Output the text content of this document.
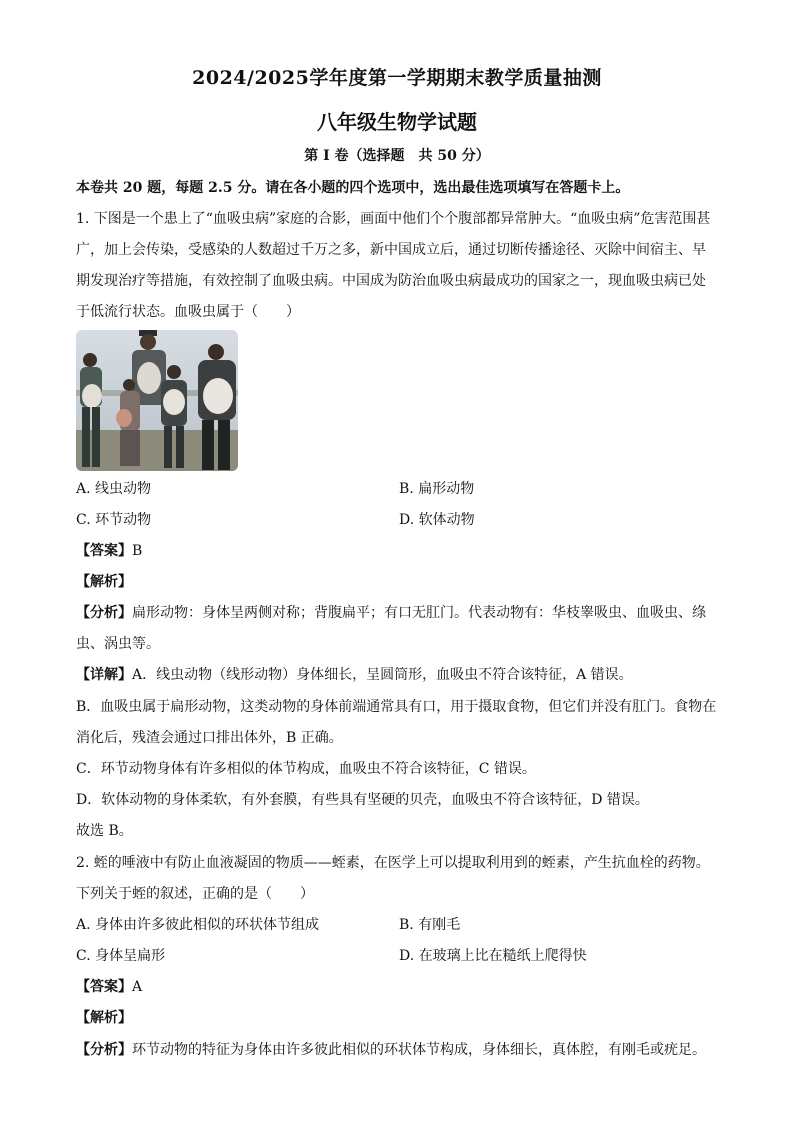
2024/2025学年度第一学期期末教学质量抽测
八年级生物学试题
第 I 卷（选择题　共 50 分）
本卷共 20 题，每题 2.5 分。请在各小题的四个选项中，选出最佳选项填写在答题卡上。
1. 下图是一个患上了“血吸虫病”家庭的合影，画面中他们个个腹部都异常肿大。“血吸虫病”危害范围甚
广，加上会传染，受感染的人数超过千万之多，新中国成立后，通过切断传播途径、灭除中间宿主、早
期发现治疗等措施，有效控制了血吸虫病。中国成为防治血吸虫病最成功的国家之一，现血吸虫病已处
于低流行状态。血吸虫属于（　　）
A. 线虫动物	B. 扁形动物
C. 环节动物	D. 软体动物
【答案】B
【解析】
【分析】扁形动物：身体呈两侧对称；背腹扁平；有口无肛门。代表动物有：华枝睾吸虫、血吸虫、绦
虫、涡虫等。
【详解】A．线虫动物（线形动物）身体细长，呈圆筒形，血吸虫不符合该特征，A 错误。
B．血吸虫属于扁形动物，这类动物的身体前端通常具有口，用于摄取食物，但它们并没有肛门。食物在
消化后，残渣会通过口排出体外，B 正确。
C．环节动物身体有许多相似的体节构成，血吸虫不符合该特征，C 错误。
D．软体动物的身体柔软，有外套膜，有些具有坚硬的贝壳，血吸虫不符合该特征，D 错误。
故选 B。
2. 蛭的唾液中有防止血液凝固的物质——蛭素，在医学上可以提取利用到的蛭素，产生抗血栓的药物。
下列关于蛭的叙述，正确的是（　　）
A. 身体由许多彼此相似的环状体节组成	B. 有刚毛
C. 身体呈扁形	D. 在玻璃上比在糙纸上爬得快
【答案】A
【解析】
【分析】环节动物的特征为身体由许多彼此相似的环状体节构成，身体细长，真体腔，有刚毛或疣足。
